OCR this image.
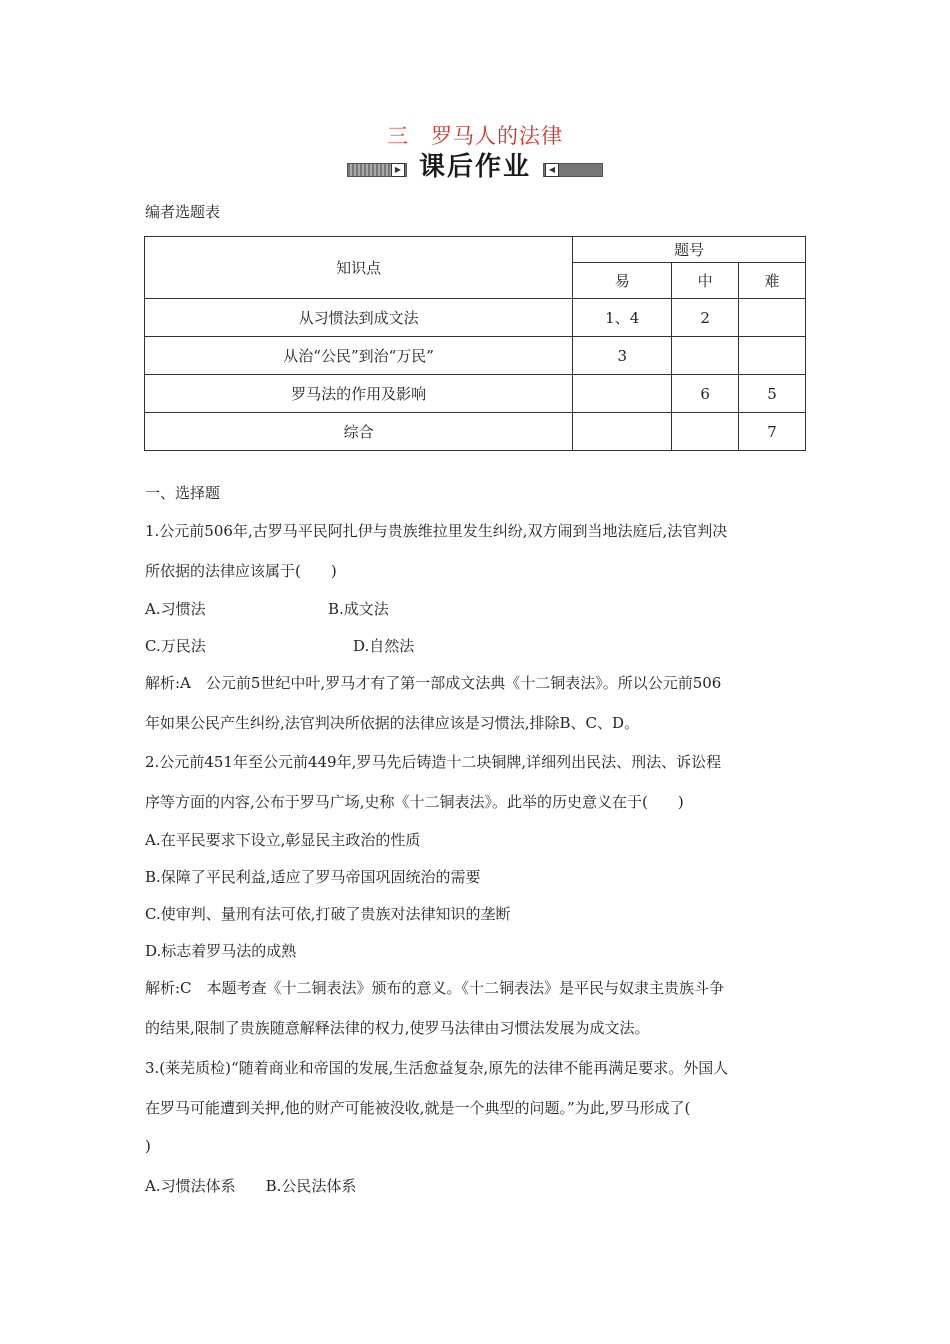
三　罗马人的法律
▶ 课后作业	◀
编者选题表
知识点	题号		
	易	中	难
从习惯法到成文法	1、4	2	
从治“公民”到治“万民”	3		
罗马法的作用及影响		6	5
综合			7
一、选择题
1.公元前506年,古罗马平民阿扎伊与贵族维拉里发生纠纷,双方闹到当地法庭后,法官判决
所依据的法律应该属于(　　)
A.习惯法	B.成文法
C.万民法	D.自然法
解析:A　公元前5世纪中叶,罗马才有了第一部成文法典《十二铜表法》。所以公元前506
年如果公民产生纠纷,法官判决所依据的法律应该是习惯法,排除B、C、D。
2.公元前451年至公元前449年,罗马先后铸造十二块铜牌,详细列出民法、刑法、诉讼程
序等方面的内容,公布于罗马广场,史称《十二铜表法》。此举的历史意义在于(　　)
A.在平民要求下设立,彰显民主政治的性质
B.保障了平民利益,适应了罗马帝国巩固统治的需要
C.使审判、量刑有法可依,打破了贵族对法律知识的垄断
D.标志着罗马法的成熟
解析:C　本题考查《十二铜表法》颁布的意义。《十二铜表法》是平民与奴隶主贵族斗争
的结果,限制了贵族随意解释法律的权力,使罗马法律由习惯法发展为成文法。
3.(莱芜质检)“随着商业和帝国的发展,生活愈益复杂,原先的法律不能再满足要求。外国人
在罗马可能遭到关押,他的财产可能被没收,就是一个典型的问题。”为此,罗马形成了(
)
A.习惯法体系　　B.公民法体系
